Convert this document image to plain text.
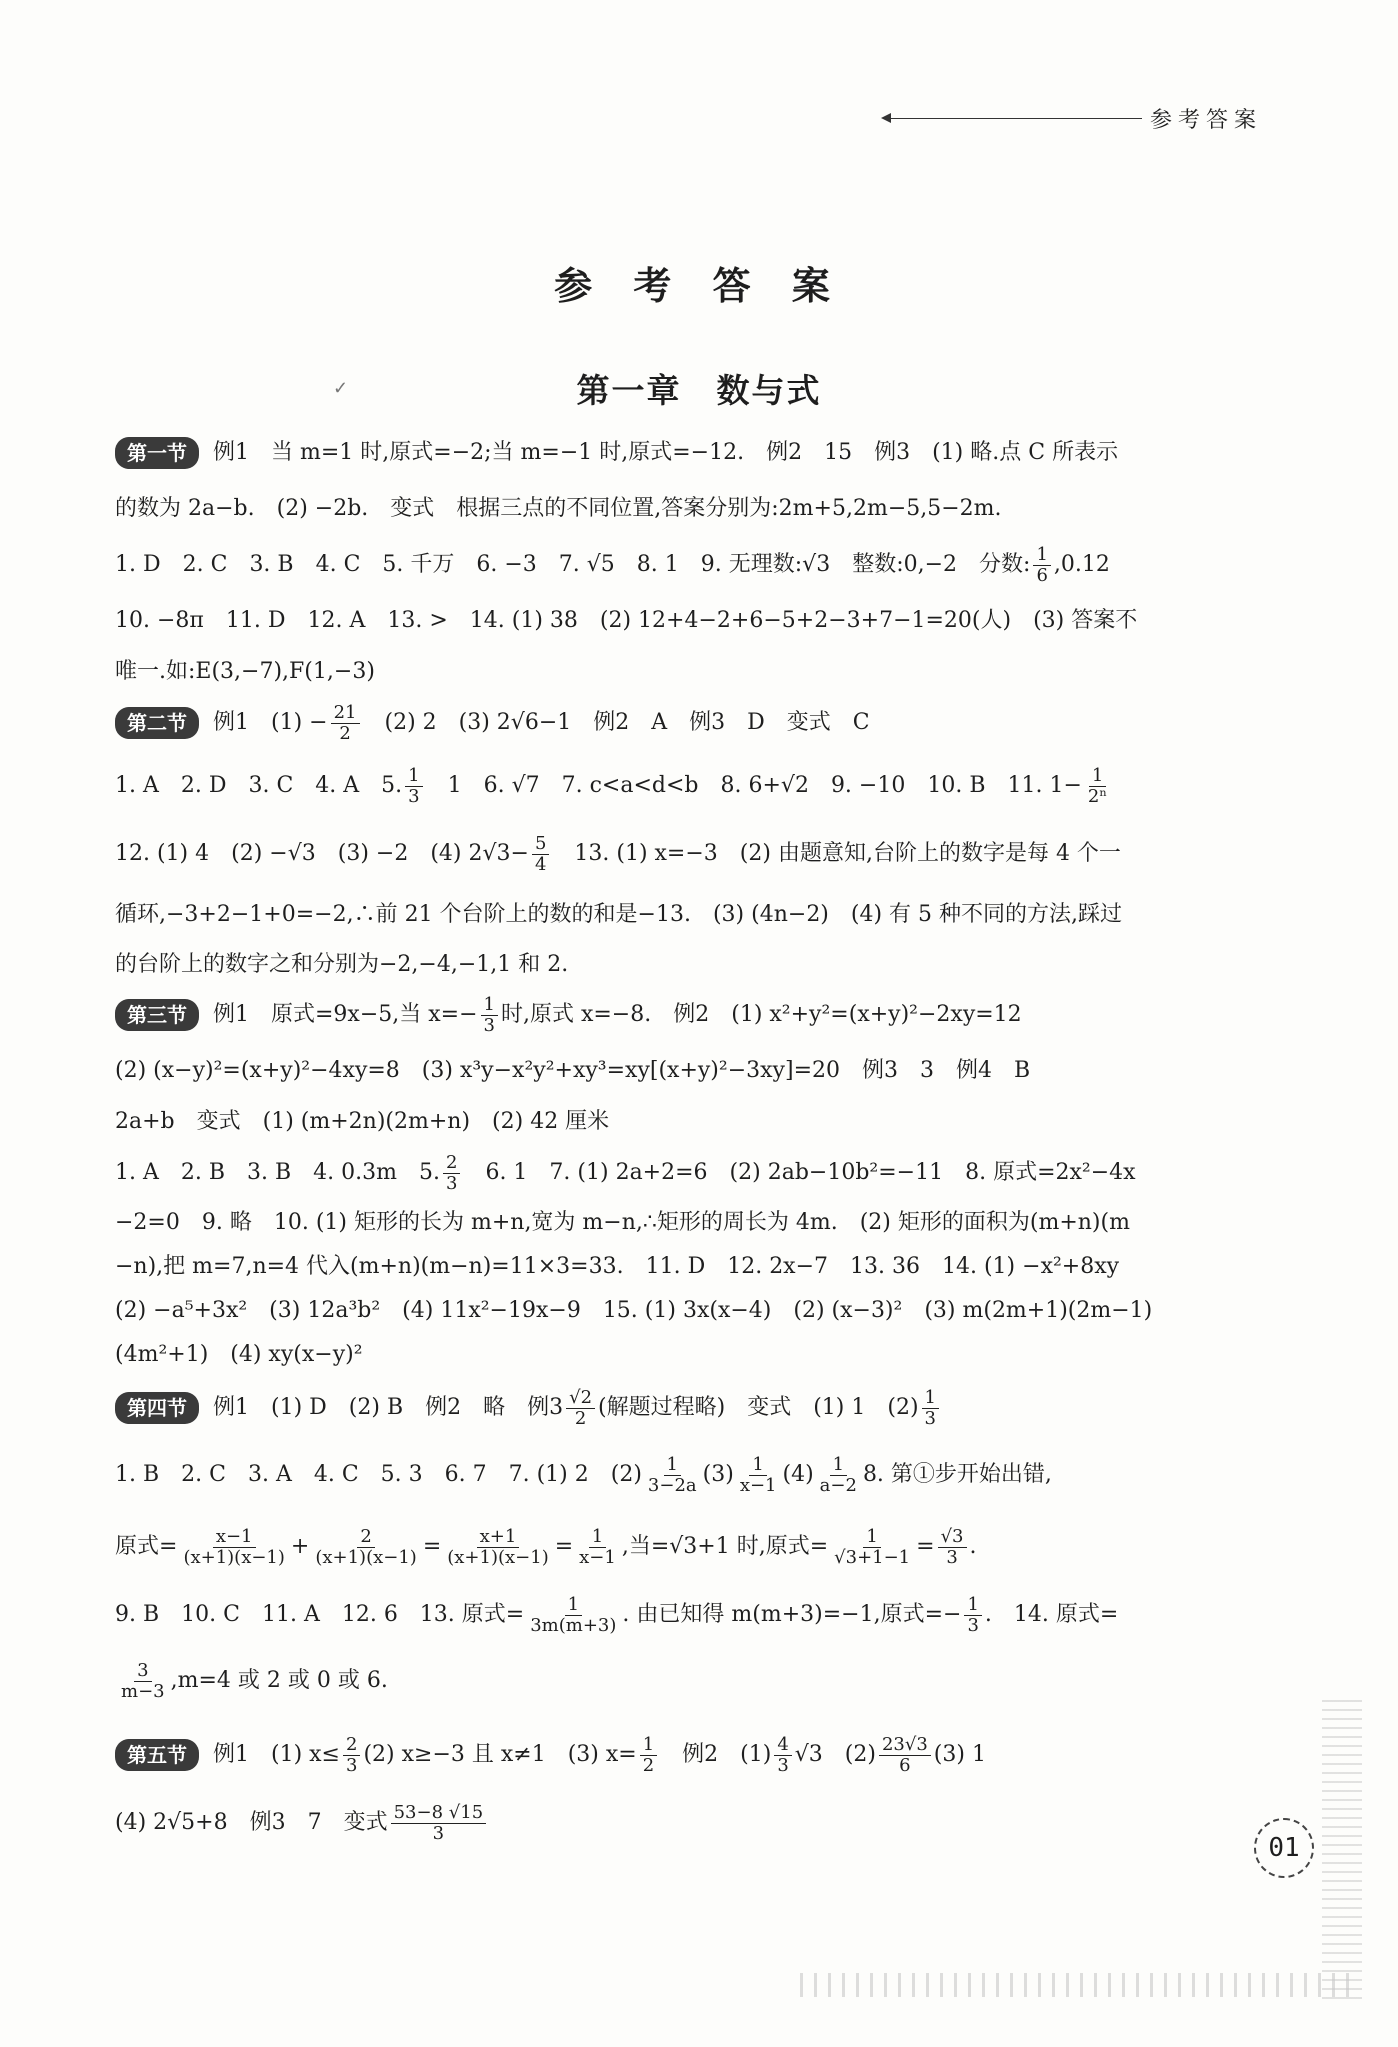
参考答案
参 考 答 案
✓	第一章　数与式
第一节	例1　当 m=1 时,原式=−2;当 m=−1 时,原式=−12.　例2　15　例3　(1) 略.点 C 所表示
的数为 2a−b.　(2) −2b.　变式　根据三点的不同位置,答案分别为:2m+5,2m−5,5−2m.
1. D　2. C　3. B　4. C　5. 千万　6. −3　7. √5　8. 1　9. 无理数:√3　整数:0,−2　分数: $\frac{1}{6} ,0.12$
10. −8π　11. D　12. A　13. >　14. (1) 38　(2) 12+4−2+6−5+2−3+7−1=20(人)　(3) 答案不
唯一.如:E(3,−7),F(1,−3)
第二节	例1　$(1) - \frac{21}{2}$ 　(2) 2　(3) 2√6−1　例2　A　例3　D　变式　C
1. A　2. D　3. C　4. A　5. $\frac{1}{3}$ 　1　6. √7　7. c<a<d<b　8. 6+√2　9. −10　10. B　11. $1- \frac{1}{\text{2ⁿ}}$
12. (1) 4　(2) −√3　(3) −2　(4) $2√3- \frac{5}{4}$ 　13. (1) x=−3　(2) 由题意知,台阶上的数字是每 4 个一
循环,−3+2−1+0=−2,∴前 21 个台阶上的数的和是−13.　(3) (4n−2)　(4) 有 5 种不同的方法,踩过
的台阶上的数字之和分别为−2,−4,−1,1 和 2.
第三节	例1　原式=9x−5,当 $x=- \frac{1}{3}$ 时,原式 x=−8.　例2　(1) x²+y²=(x+y)²−2xy=12
(2) (x−y)²=(x+y)²−4xy=8　(3) x³y−x²y²+xy³=xy[(x+y)²−3xy]=20　例3　3　例4　B
2a+b　变式　(1) (m+2n)(2m+n)　(2) 42 厘米
1. A　2. B　3. B　4. 0.3m　5. $\frac{2}{3}$ 　6. 1　7. (1) 2a+2=6　(2) 2ab−10b²=−11　8. 原式=2x²−4x
−2=0　9. 略　10. (1) 矩形的长为 m+n,宽为 m−n,∴矩形的周长为 4m.　(2) 矩形的面积为(m+n)(m
−n),把 m=7,n=4 代入(m+n)(m−n)=11×3=33.　11. D　12. 2x−7　13. 36　14. (1) −x²+8xy
(2) −a⁵+3x²　(3) 12a³b²　(4) 11x²−19x−9　15. (1) 3x(x−4)　(2) (x−3)²　(3) m(2m+1)(2m−1)
(4m²+1)　(4) xy(x−y)²
第四节	例1　(1) D　(2) B　例2　略　例$3 \frac{√2}{2}$ (解题过程略)　变式　(1) 1　$(2) \frac{1}{3}$
1. B　2. C　3. A　4. C　5. 3　6. 7　7. (1) 2　$(2) \frac{1}{3-2a} (3) \frac{1}{x-1} (4) \frac{1}{a-2} 8$. 第①步开始出错,
原式= $\frac{x-1}{(x+1)(x-1)} + \frac{2}{(x+1)(x-1)} = \frac{x+1}{(x+1)(x-1)} = \frac{1}{x-1}$ ,当=√3+1 时,原式= $\frac{1}{√3+1-1} = \frac{√3}{3}$ .
9. B　10. C　11. A　12. 6　13. 原式= $\frac{1}{3m(m+3)}$ . 由已知得 m(m+3)=−1,原式=− $\frac{1}{3}$ .　14. 原式=
$\frac{3}{m-3} ,m=4$ 或 2 或 0 或 6.
第五节	例1　(1) $x\le \frac{2}{3} (2)$ x≥−3 且 x≠1　(3) $x= \frac{1}{2}$ 　例2　$(1) \frac{4}{3} √3$　$(2) \frac{23√3}{6} (3)$ 1
(4) 2√5+8　例3　7　变式 $\frac{53-8 √15}{3}$
01
